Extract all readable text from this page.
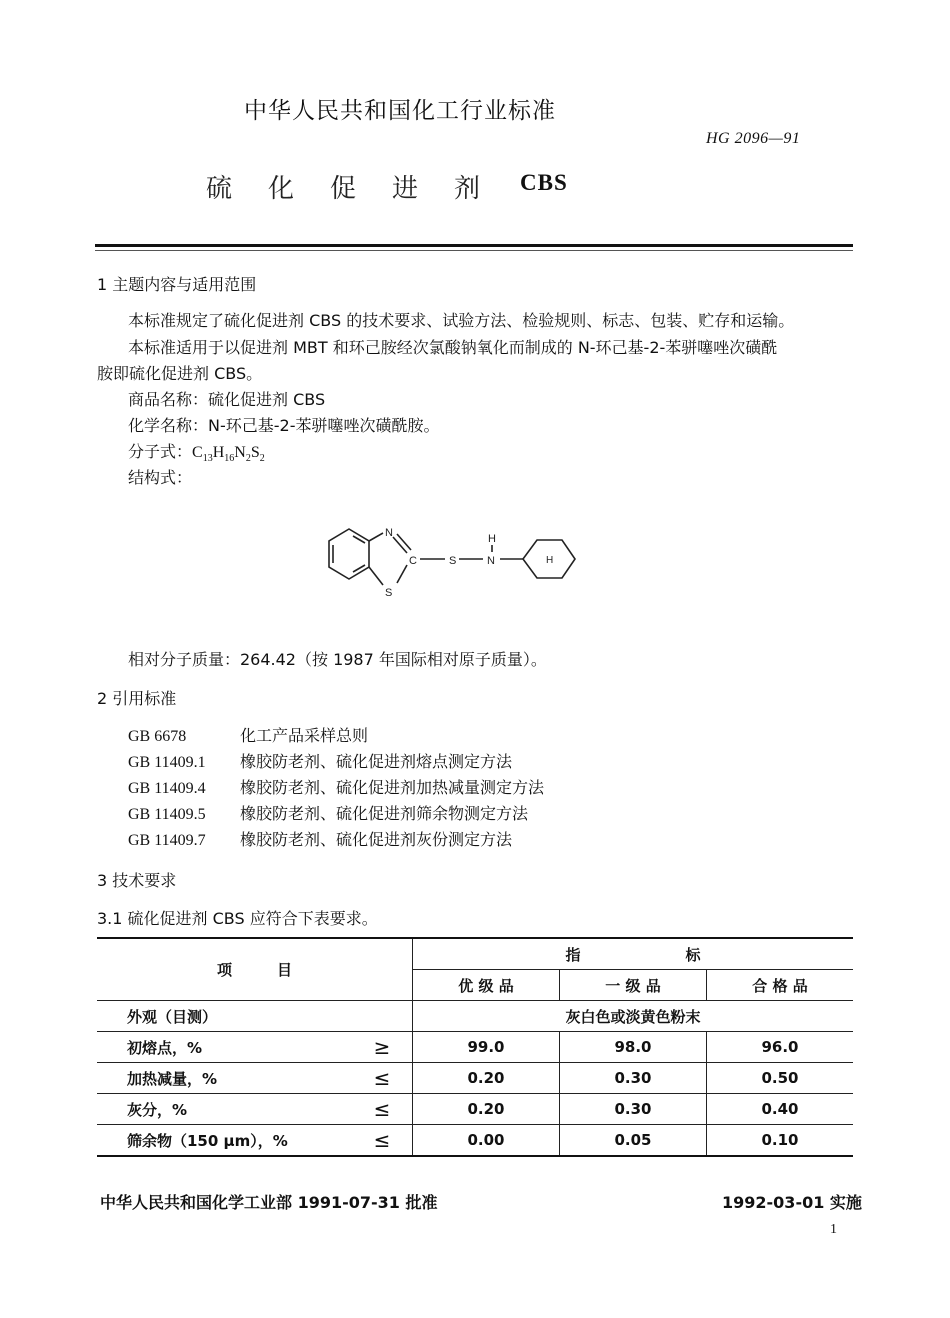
中华人民共和国化工行业标准
HG 2096—91
硫化促进剂 CBS
1 主题内容与适用范围
本标准规定了硫化促进剂 CBS 的技术要求、试验方法、检验规则、标志、包装、贮存和运输。
本标准适用于以促进剂 MBT 和环己胺经次氯酸钠氧化而制成的 N-环己基-2-苯骈噻唑次磺酰
胺即硫化促进剂 CBS。
商品名称：硫化促进剂 CBS
化学名称：N-环己基-2-苯骈噻唑次磺酰胺。
分子式：$C_{13}H_{16}N_2S_2$
结构式：
N
C
S
S	N
H
H
相对分子质量：264.42（按 1987 年国际相对原子质量）。
2 引用标准
GB 6678	化工产品采样总则
GB 11409.1 橡胶防老剂、硫化促进剂熔点测定方法
GB 11409.4 橡胶防老剂、硫化促进剂加热减量测定方法
GB 11409.5 橡胶防老剂、硫化促进剂筛余物测定方法
GB 11409.7 橡胶防老剂、硫化促进剂灰份测定方法
3 技术要求
3.1 硫化促进剂 CBS 应符合下表要求。
项　　　目		指　　　　　　　标		
		优 级 品	一 级 品	合 格 品
外观（目测）		灰白色或淡黄色粉末		
初熔点，%	≥	99.0	98.0	96.0
加热减量，%	≤	0.20	0.30	0.50
灰分，%	≤	0.20	0.30	0.40
筛余物（150 μm），%	≤	0.00	0.05	0.10
中华人民共和国化学工业部 1991-07-31 批准	1992-03-01 实施
1
